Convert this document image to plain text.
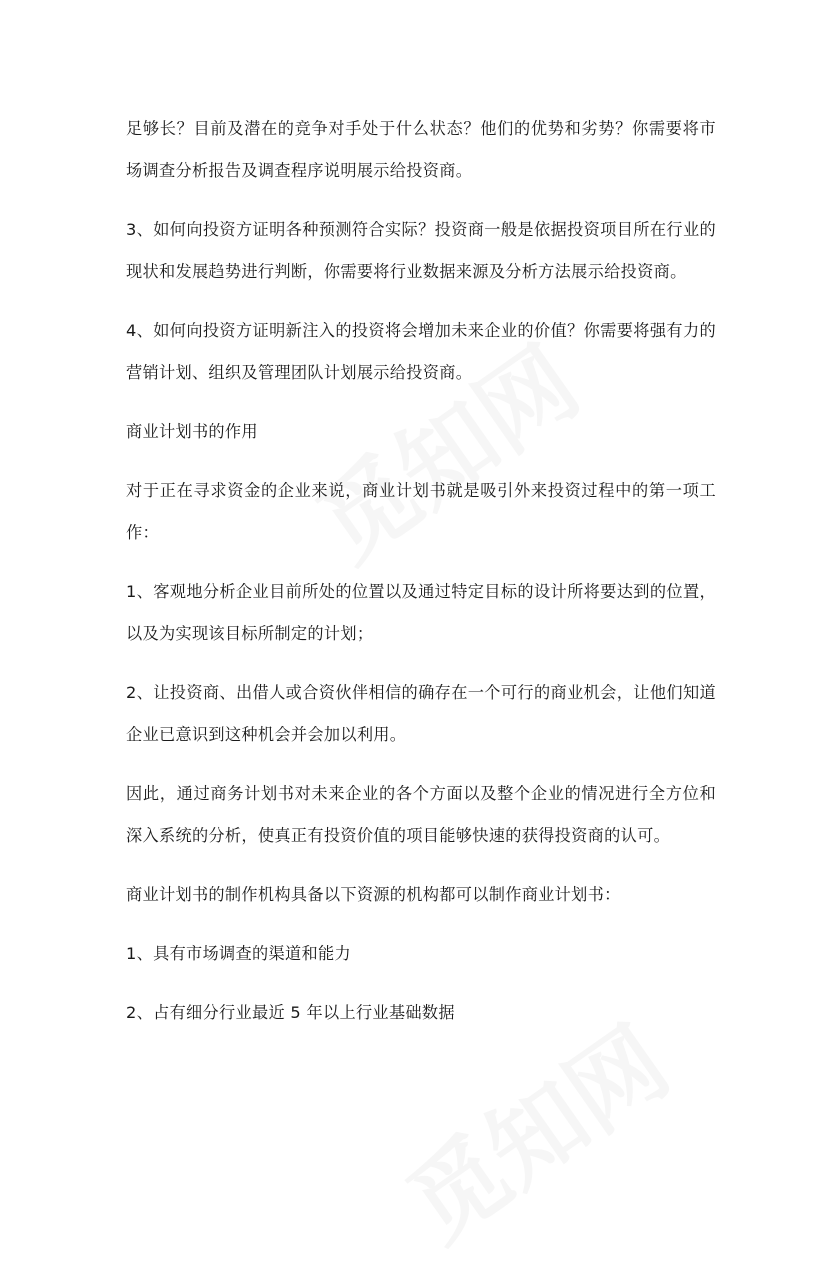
足够长？目前及潜在的竞争对手处于什么状态？他们的优势和劣势？你需要将市场调查分析报告及调查程序说明展示给投资商。

3、如何向投资方证明各种预测符合实际？投资商一般是依据投资项目所在行业的现状和发展趋势进行判断，你需要将行业数据来源及分析方法展示给投资商。

4、如何向投资方证明新注入的投资将会增加未来企业的价值？你需要将强有力的营销计划、组织及管理团队计划展示给投资商。

商业计划书的作用

对于正在寻求资金的企业来说，商业计划书就是吸引外来投资过程中的第一项工作：

1、客观地分析企业目前所处的位置以及通过特定目标的设计所将要达到的位置，以及为实现该目标所制定的计划；

2、让投资商、出借人或合资伙伴相信的确存在一个可行的商业机会，让他们知道企业已意识到这种机会并会加以利用。

因此，通过商务计划书对未来企业的各个方面以及整个企业的情况进行全方位和深入系统的分析，使真正有投资价值的项目能够快速的获得投资商的认可。

商业计划书的制作机构具备以下资源的机构都可以制作商业计划书：

1、具有市场调查的渠道和能力

2、占有细分行业最近 5 年以上行业基础数据
